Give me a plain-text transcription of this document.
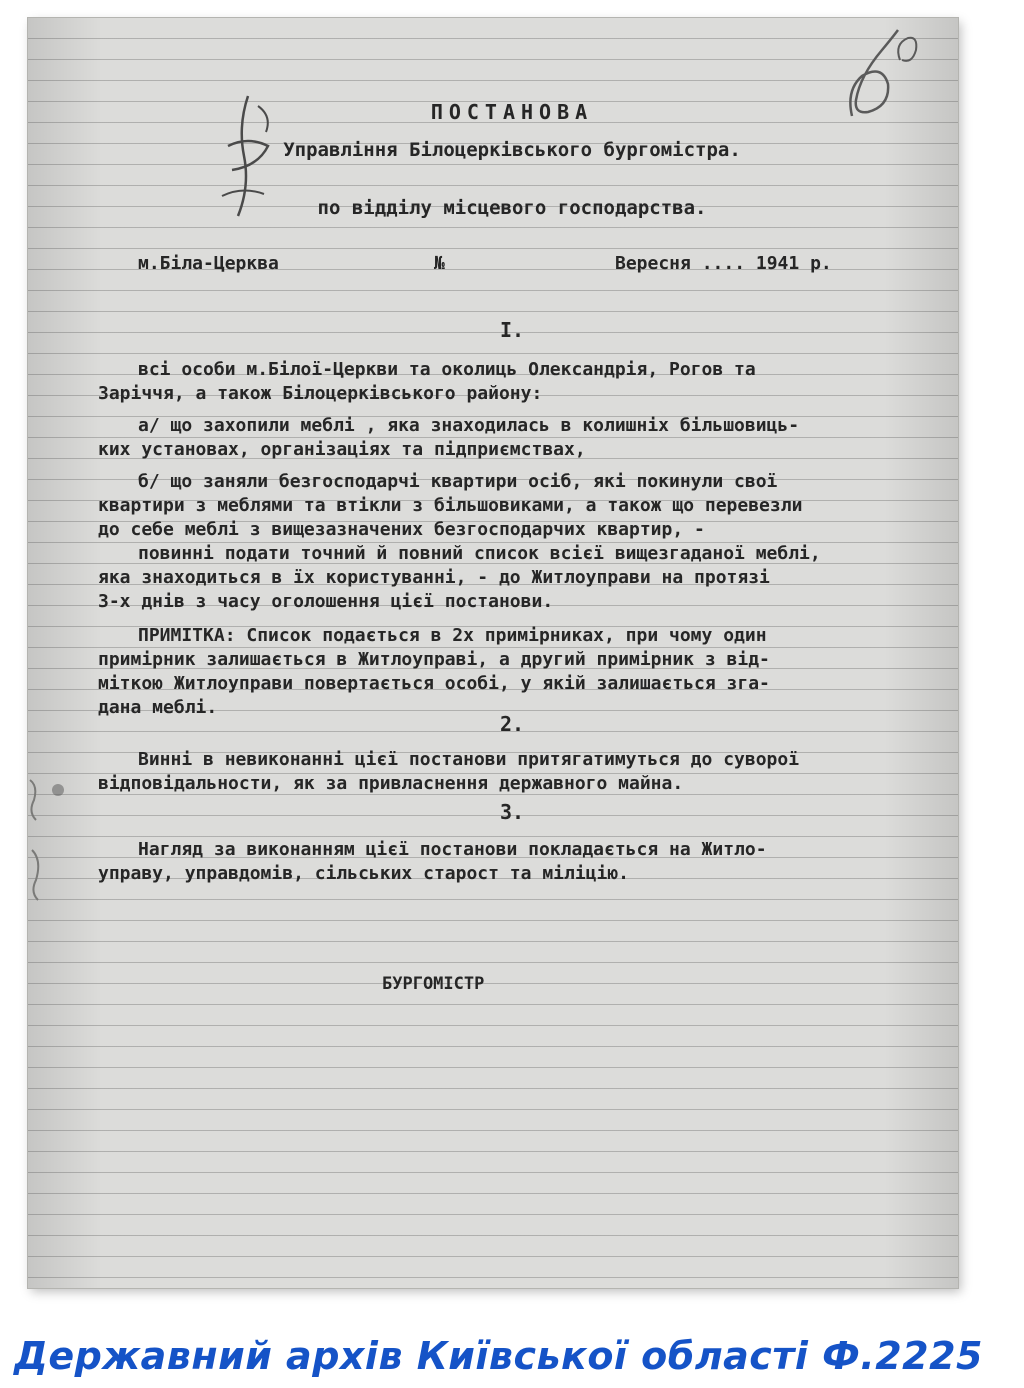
ПОСТАНОВА

Управління Білоцерківського бургомістра.

по відділу місцевого господарства.

м.Біла-Церква	№	Вересня .... 1941 р.

I.

всі особи м.Білої-Церкви та околиць Олександрія, Рогов та

Заріччя, а також Білоцерківського району:

а/ що захопили меблі , яка знаходилась в колишніх більшовиць-

ких установах, організаціях та підприємствах,

б/ що заняли безгосподарчі квартири осіб, які покинули свої

квартири з меблями та втікли з більшовиками, а також що перевезли

до себе меблі з вищезазначених безгосподарчих квартир, -

повинні подати точний й повний список всієї вищезгаданої меблі,

яка знаходиться в їх користуванні, - до Житлоуправи на протязі

3-х днів з часу оголошення цієї постанови.

ПРИМІТКА: Список подається в 2х примірниках, при чому один

примірник залишається в Житлоуправі, а другий примірник з від-

міткою Житлоуправи повертається особі, у якій залишається зга-

дана меблі.

2.

Винні в невиконанні цієї постанови притягатимуться до суворої

відповідальности, як за привласнення державного майна.

3.

Нагляд за виконанням цієї постанови покладається на Житло-

управу, управдомів, сільських старост та міліцію.

БУРГОМІСТР

Державний архів Київської області Ф.2225
